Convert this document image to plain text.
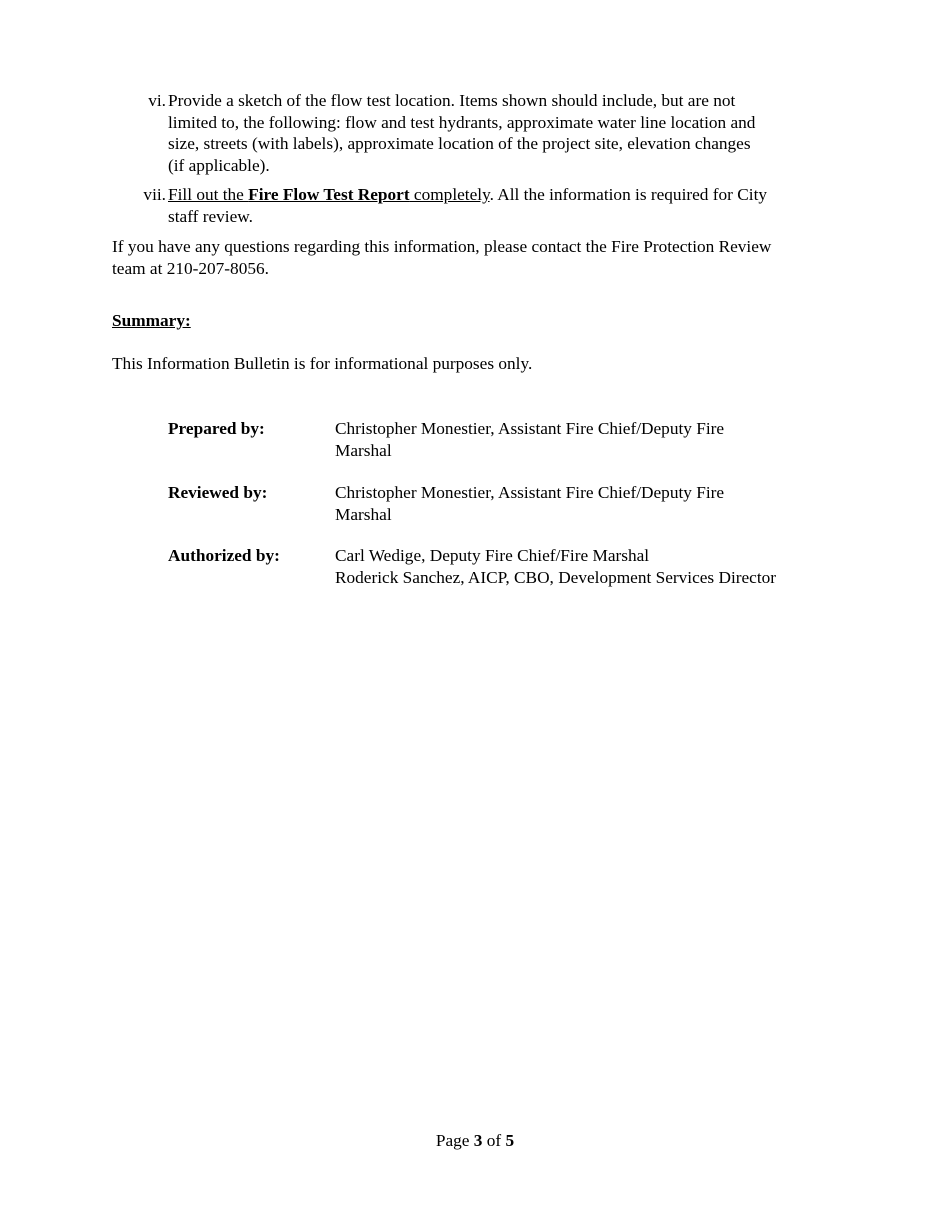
vi. Provide a sketch of the flow test location. Items shown should include, but are not limited to, the following: flow and test hydrants, approximate water line location and size, streets (with labels), approximate location of the project site, elevation changes (if applicable).
vii. Fill out the Fire Flow Test Report completely. All the information is required for City staff review.
If you have any questions regarding this information, please contact the Fire Protection Review team at 210-207-8056.
Summary:
This Information Bulletin is for informational purposes only.
Prepared by:	Christopher Monestier, Assistant Fire Chief/Deputy Fire Marshal
Reviewed by:	Christopher Monestier, Assistant Fire Chief/Deputy Fire Marshal
Authorized by:	Carl Wedige, Deputy Fire Chief/Fire Marshal
Roderick Sanchez, AICP, CBO, Development Services Director
Page 3 of 5
